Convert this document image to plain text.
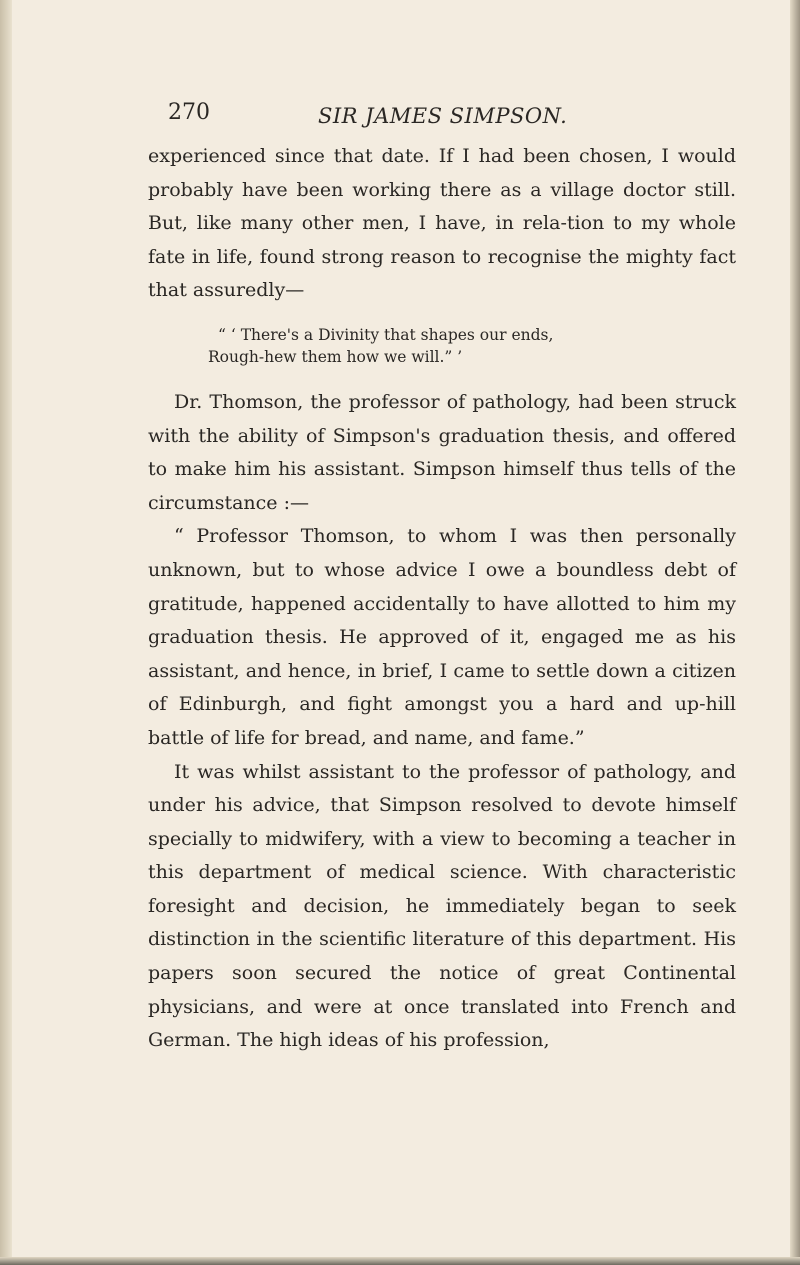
270	SIR JAMES SIMPSON.

experienced since that date. If I had been chosen, I would probably have been working there as a village doctor still. But, like many other men, I have, in rela-tion to my whole fate in life, found strong reason to recognise the mighty fact that assuredly—

“ ‘ There's a Divinity that shapes our ends,
Rough-hew them how we will.” ’

Dr. Thomson, the professor of pathology, had been struck with the ability of Simpson's graduation thesis, and offered to make him his assistant. Simpson himself thus tells of the circumstance :—

“ Professor Thomson, to whom I was then personally unknown, but to whose advice I owe a boundless debt of gratitude, happened accidentally to have allotted to him my graduation thesis. He approved of it, engaged me as his assistant, and hence, in brief, I came to settle down a citizen of Edinburgh, and fight amongst you a hard and up-hill battle of life for bread, and name, and fame.”

It was whilst assistant to the professor of pathology, and under his advice, that Simpson resolved to devote himself specially to midwifery, with a view to becoming a teacher in this department of medical science. With characteristic foresight and decision, he immediately began to seek distinction in the scientific literature of this department. His papers soon secured the notice of great Continental physicians, and were at once translated into French and German. The high ideas of his profession,
